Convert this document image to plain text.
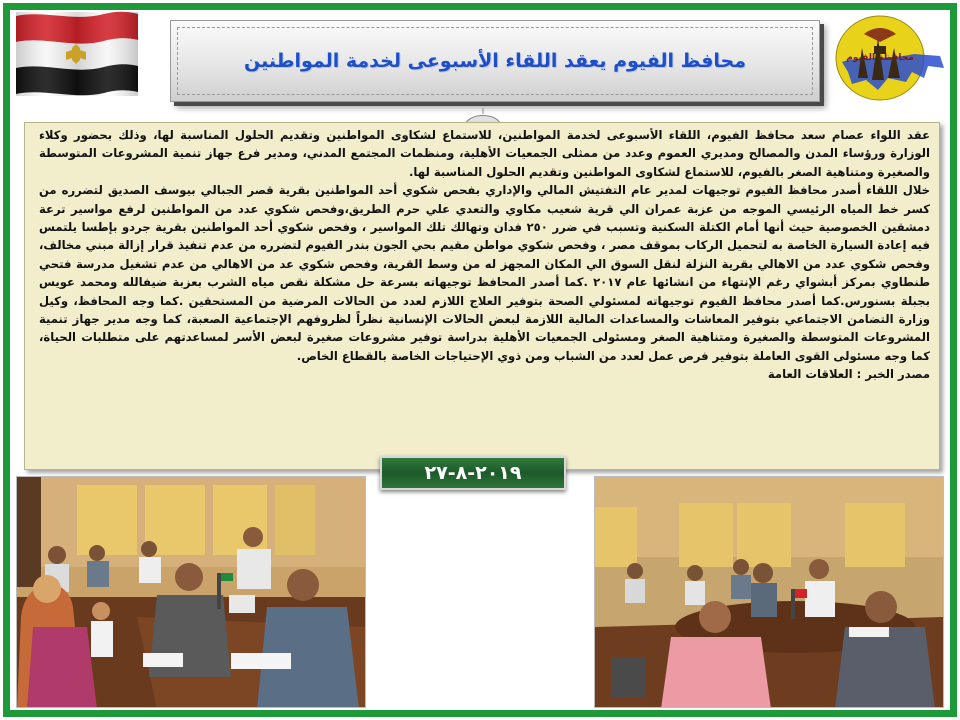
محافظة الفيوم
محافظ الفيوم يعقد اللقاء الأسبوعى لخدمة المواطنين

عقد اللواء عصام سعد محافظ الفيوم، اللقاء الأسبوعى لخدمة المواطنين، للاستماع لشكاوى المواطنين وتقديم الحلول المناسبة لها، وذلك بحضور وكلاء الوزارة ورؤساء المدن والمصالح ومديري العموم وعدد من ممثلى الجمعيات الأهلية، ومنظمات المجتمع المدني، ومدير فرع جهاز تنمية المشروعات المتوسطة والصغيرة ومتناهية الصغر بالفيوم، للاستماع لشكاوى المواطنين وتقديم الحلول المناسبة لها.

خلال اللقاء أصدر محافظ الفيوم توجيهات لمدير عام التفتيش المالي والإداري بفحص شكوي أحد المواطنين بقرية قصر الجبالي بيوسف الصديق لتضرره من كسر خط المياه الرئيسي الموجه من عزبة عمران الي قرية شعيب مكاوي والتعدي علي حرم الطريق،وفحص شكوي عدد من المواطنين لرفع مواسير ترعة دمشقين الخصوصية حيث أنها أمام الكتلة السكنية وتسبب في ضرر ٢٥٠ فدان وتهالك تلك المواسير ، وفحص شكوي أحد المواطنين بقرية جردو بإطسا يلتمس فيه إعادة السيارة الخاصة به لتحميل الركاب بموقف مصر ، وفحص شكوي مواطن مقيم بحي الجون بندر الفيوم لتضرره من عدم تنفيذ قرار إزالة مبني مخالف، وفحص شكوي عدد من الاهالي بقرية النزلة لنقل السوق الي المكان المجهز له من وسط القرية، وفحص شكوي عد من الاهالي من عدم تشغيل مدرسة فتحي طنطاوي بمركز أبشواي رغم الإنتهاء من انشائها عام ٢٠١٧ .كما أصدر المحافظ توجيهاته بسرعة حل مشكلة نقص مياه الشرب بعزبة ضيفالله ومحمد عويس بجبلة بسنورس.كما أصدر محافظ الفيوم توجيهاته لمسئولي الصحة بتوفير العلاج اللازم لعدد من الحالات المرضية من المستحقين .كما وجه المحافظ، وكيل وزارة التضامن الاجتماعي بتوفير المعاشات والمساعدات المالية اللازمة لبعض الحالات الإنسانية نظراً لظروفهم الإجتماعية الصعبة، كما وجه مدير جهاز تنمية المشروعات المتوسطة والصغيرة ومتناهية الصغر ومسئولى الجمعيات الأهلية بدراسة توفير مشروعات صغيرة لبعض الأسر لمساعدتهم على متطلبات الحياة، كما وجه مسئولى القوى العاملة بتوفير فرص عمل لعدد من الشباب ومن ذوي الإحتياجات الخاصة بالقطاع الخاص.

مصدر الخبر : العلاقات العامة

٢٠١٩-٨-٢٧
